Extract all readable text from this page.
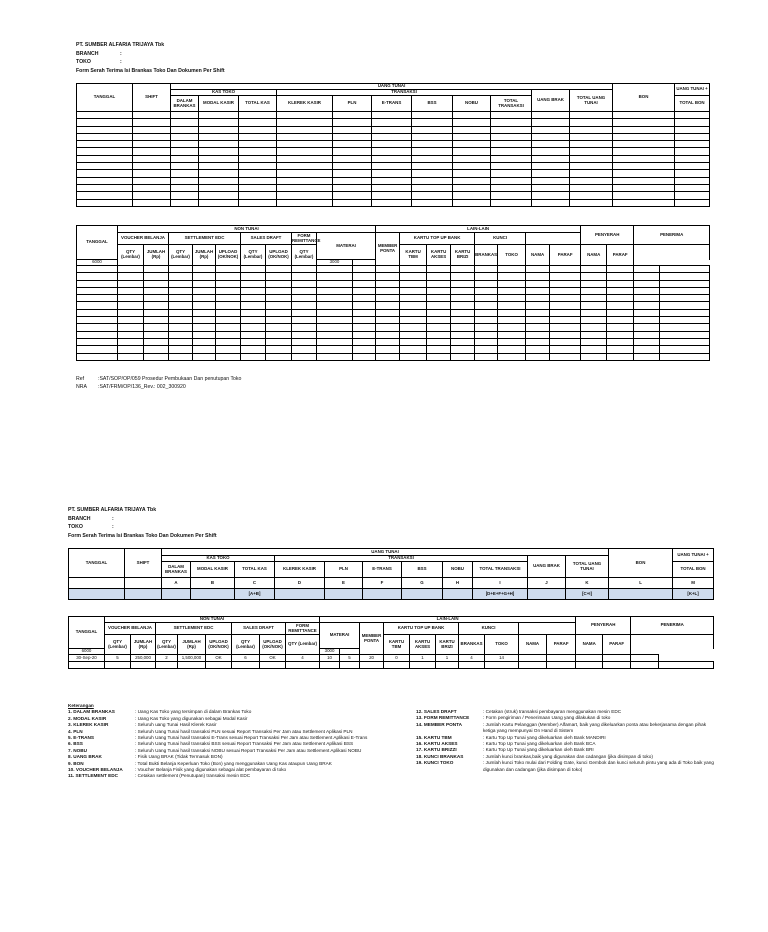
PT. SUMBER ALFARIA TRIJAYA Tbk
BRANCH	:
TOKO	:
Form Serah Terima Isi Brankas Toko Dan Dokumen Per Shift
TANGGAL	SHIFT	UANG TUNAI											BON	UANG TUNAI +
		KAS TOKO			TRANSAKSI						UANG BRAK	TOTAL UANG TUNAI		
		DALAM BRANKAS	MODAL KASIR	TOTAL KAS	KLEREK KASIR	PLN	E-TRANS	BSS	NOBU	TOTAL TRANSAKSI				TOTAL BON

TANGGAL	NON TUNAI										LAIN-LAIN								PENYERAH		PENERIMA	
	VOUCHER BELANJA		SETTLEMENT EDC			SALES DRAFT		FORM REMITTANCE	MATERAI		MEMBER PONTA	KARTU TOP UP BANK			KUNCI								
	QTY (Lembar)	JUMLAH (Rp)	QTY (Lembar)	JUMLAH (Rp)	UPLOAD (OK/NOK)	QTY (Lembar)	UPLOAD (OK/NOK)	QTY (Lembar)				KARTU TBM	KARTU AKSES	KARTU BRIZI	BRANKAS	TOKO	NAMA	PARAF	NAMA	PARAF			
6000									3000														

Ref	:SAT/SOP/OP/059 Prosedur Pembukaan Dan penutupan Toko
NRA	:SAT/FRM/OP/136_Rev.: 002_300920
PT. SUMBER ALFARIA TRIJAYA Tbk
BRANCH	:
TOKO	:
Form Serah Terima Isi Brankas Toko Dan Dokumen Per Shift
TANGGAL	SHIFT	UANG TUNAI											BON	UANG TUNAI +
		KAS TOKO			TRANSAKSI						UANG BRAK	TOTAL UANG TUNAI		
		DALAM BRANKAS	MODAL KASIR	TOTAL KAS	KLEREK KASIR	PLN	E-TRANS	BSS	NOBU	TOTAL TRANSAKSI				TOTAL BON
		A	B	C	D	E	F	G	H	I	J	K	L	M
				[A+B]						[D+E+F+G+H]		[C+I]		[K+L]
TANGGAL	NON TUNAI								LAIN-LAIN										PENYERAH		PENERIMA	
	VOUCHER BELANJA		SETTLEMENT EDC			SALES DRAFT		FORM REMITTANCE	MATERAI		MEMBER PONTA	KARTU TOP UP BANK			KUNCI								
	QTY (Lembar)	JUMLAH (Rp)	QTY (Lembar)	JUMLAH (Rp)	UPLOAD (OK/NOK)	QTY (Lembar)	UPLOAD (OK/NOK)	QTY (Lembar)				KARTU TBM	KARTU AKSES	KARTU BRIZI	BRANKAS	TOKO	NAMA	PARAF	NAMA	PARAF			
6000									3000														
30-Sep-20	5	250,000	2	1,500,000	OK	6	OK	4	10	5	20	0	1	1	4	14							

Keterangan
1. DALAM BRANKAS	: Uang Kas Toko yang tersimpan di dalam Brankas Toko
2. MODAL KASIR	: Uang Kas Toko yang digunakan sebagai Modal Kasir
3. KLEREK KASIR	: Seluruh uang Tunai Hasil Klerek Kasir
4. PLN	: Seluruh Uang Tunai hasil transaksi PLN sesuai Report Transaksi Per Jam atau Settlement Aplikasi PLN
5. E-TRANS	: Seluruh Uang Tunai hasil transaksi E-Trans sesuai Report Transaksi Per Jam atau Settlement Aplikasi E-Trans
6. BSS	: Seluruh Uang Tunai hasil transaksi BSS sesuai Report Transaksi Per Jam atau Settlement Aplikasi BSS
7. NOBU	: Seluruh Uang Tunai hasil transaksi NOBU sesuai Report Transaksi Per Jam atau Settlement Aplikasi NOBU
8. UANG BRAK	: Fisik Uang BRAK (Tidak Termasuk BON)
9. BON	: Total Bukti Belanja Keperluan Toko (Bon) yang menggunakan Uang Kas ataupun Uang BRAK
10. VOUCHER BELANJA	: Voucher Belanja Fisik yang digunakan sebagai alat pembayaran di toko
11. SETTLEMENT EDC	: Cetakan settlement (Penutupan) transaksi mesin EDC
12. SALES DRAFT	: Cetakan (struk) transaksi pembayaran menggunakan mesin EDC
13. FORM REMITTANCE	: Form pengiriman / Penerimaan Uang yang dilakukan di toko
14. MEMBER PONTA	: Jumlah Kartu Pelanggan (Member) Alfamart, baik yang dikeluarkan ponta atau bekerjasama dengan pihak ketiga yang mempunyai On Hand di Sistem
15. KARTU TBM	: Kartu Top Up Tunai yang dikeluarkan oleh Bank MANDIRI
16. KARTU AKSES	: Kartu Top Up Tunai yang dikeluarkan oleh Bank BCA
17. KARTU BRIZZI	: Kartu Top Up Tunai yang dikeluarkan oleh Bank BRI
18. KUNCI BRANKAS	: Jumlah kunci brankas,baik yang digunakan dan cadangan (jika disimpan di toko)
19. KUNCI TOKO	: Jumlah kunci Toko mulai dari Folding Gate, kunci Gembok dan kunci seluruh pintu yang ada di Toko baik yang digunakan dan cadangan (jika disimpan di toko)
